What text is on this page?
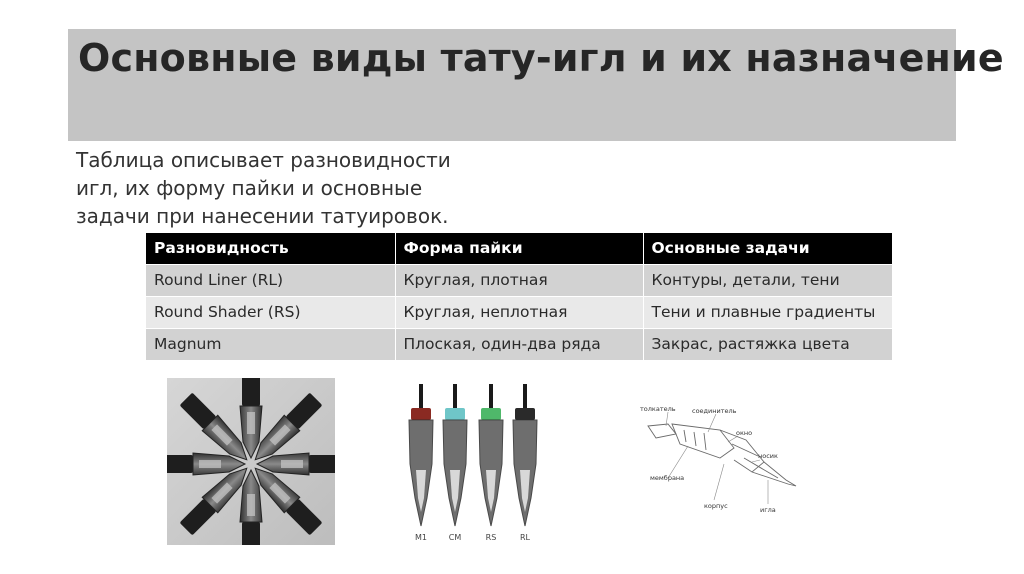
Основные виды тату-игл и их назначение
Таблица описывает разновидности
игл, их форму пайки и основные
задачи при нанесении татуировок.
Разновидность	Форма пайки	Основные задачи
Round Liner (RL)	Круглая, плотная	Контуры, детали, тени
Round Shader (RS)	Круглая, неплотная	Тени и плавные градиенты
Magnum	Плоская, один-два ряда	Закрас, растяжка цвета
M1	CM	RS	RL
толкатель	соединитель
окно
носик
мембрана
корпус	игла
